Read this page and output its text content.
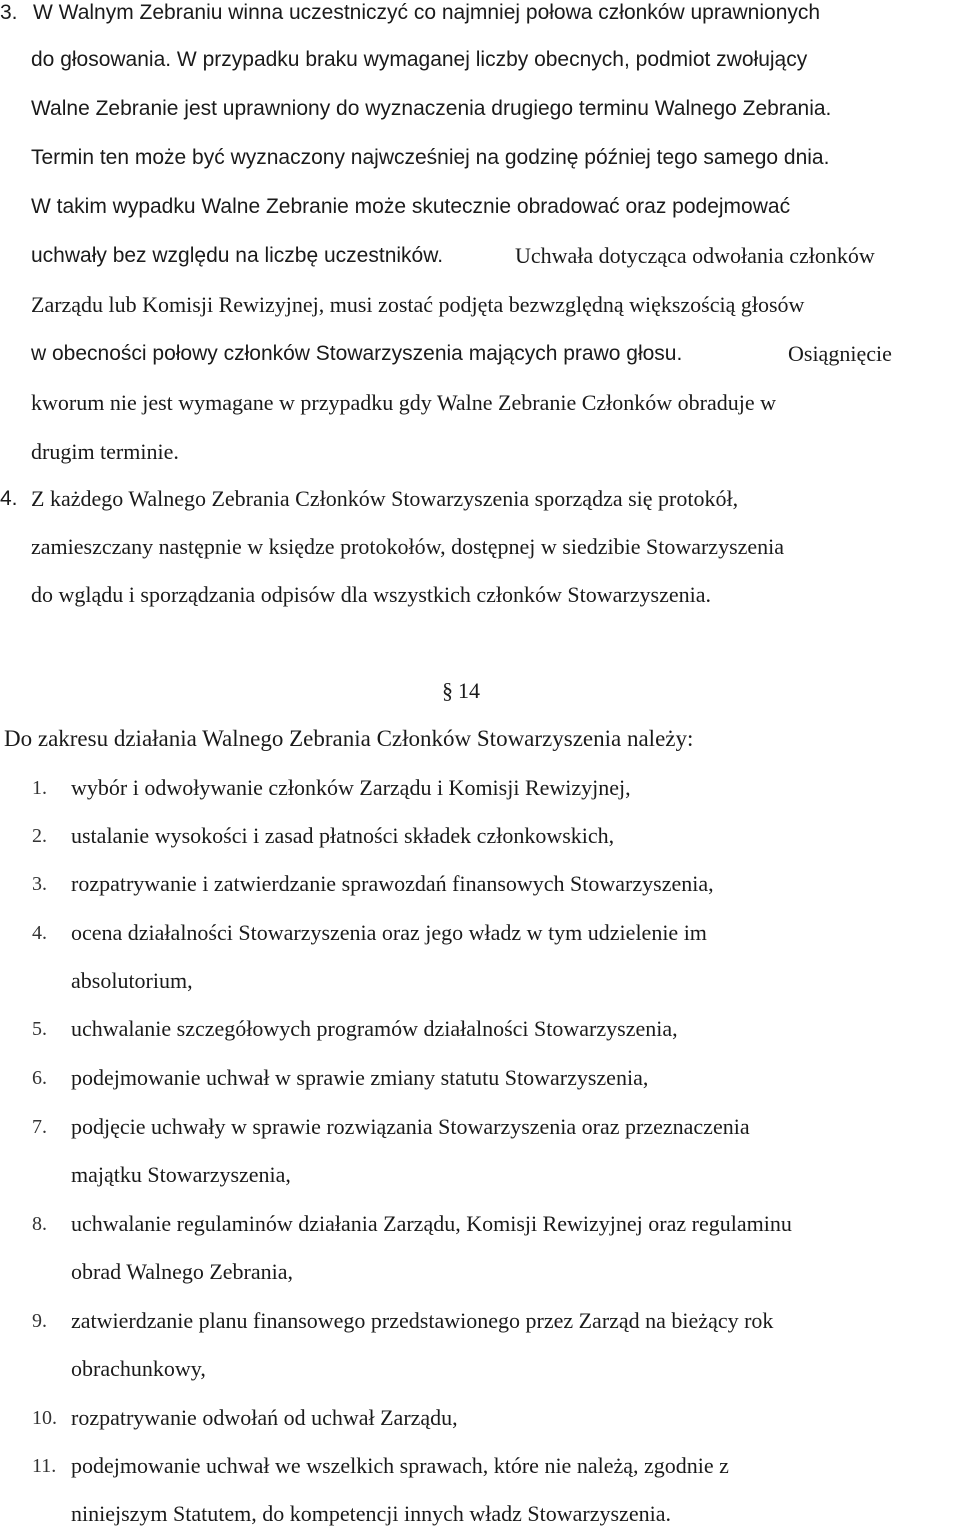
3. W Walnym Zebraniu winna uczestniczyć co najmniej połowa członków uprawnionych
do głosowania. W przypadku braku wymaganej liczby obecnych, podmiot zwołujący
Walne Zebranie jest uprawniony do wyznaczenia drugiego terminu Walnego Zebrania.
Termin ten może być wyznaczony najwcześniej na godzinę później tego samego dnia.
W takim wypadku Walne Zebranie może skutecznie obradować oraz podejmować
uchwały bez względu na liczbę uczestników.	Uchwała dotycząca odwołania członków
Zarządu lub Komisji Rewizyjnej, musi zostać podjęta bezwzględną większością głosów
w obecności połowy członków Stowarzyszenia mających prawo głosu.	Osiągnięcie
kworum nie jest wymagane w przypadku gdy Walne Zebranie Członków obraduje w
drugim terminie.
4. Z każdego Walnego Zebrania Członków Stowarzyszenia sporządza się protokół,
zamieszczany następnie w księdze protokołów, dostępnej w siedzibie Stowarzyszenia
do wglądu i sporządzania odpisów dla wszystkich członków Stowarzyszenia.
§ 14
Do zakresu działania Walnego Zebrania Członków Stowarzyszenia należy:
1. wybór i odwoływanie członków Zarządu i Komisji Rewizyjnej,
2. ustalanie wysokości i zasad płatności składek członkowskich,
3. rozpatrywanie i zatwierdzanie sprawozdań finansowych Stowarzyszenia,
4. ocena działalności Stowarzyszenia oraz jego władz w tym udzielenie im
absolutorium,
5. uchwalanie szczegółowych programów działalności Stowarzyszenia,
6. podejmowanie uchwał w sprawie zmiany statutu Stowarzyszenia,
7. podjęcie uchwały w sprawie rozwiązania Stowarzyszenia oraz przeznaczenia
majątku Stowarzyszenia,
8. uchwalanie regulaminów działania Zarządu, Komisji Rewizyjnej oraz regulaminu
obrad Walnego Zebrania,
9. zatwierdzanie planu finansowego przedstawionego przez Zarząd na bieżący rok
obrachunkowy,
10. rozpatrywanie odwołań od uchwał Zarządu,
11. podejmowanie uchwał we wszelkich sprawach, które nie należą, zgodnie z
niniejszym Statutem, do kompetencji innych władz Stowarzyszenia.
